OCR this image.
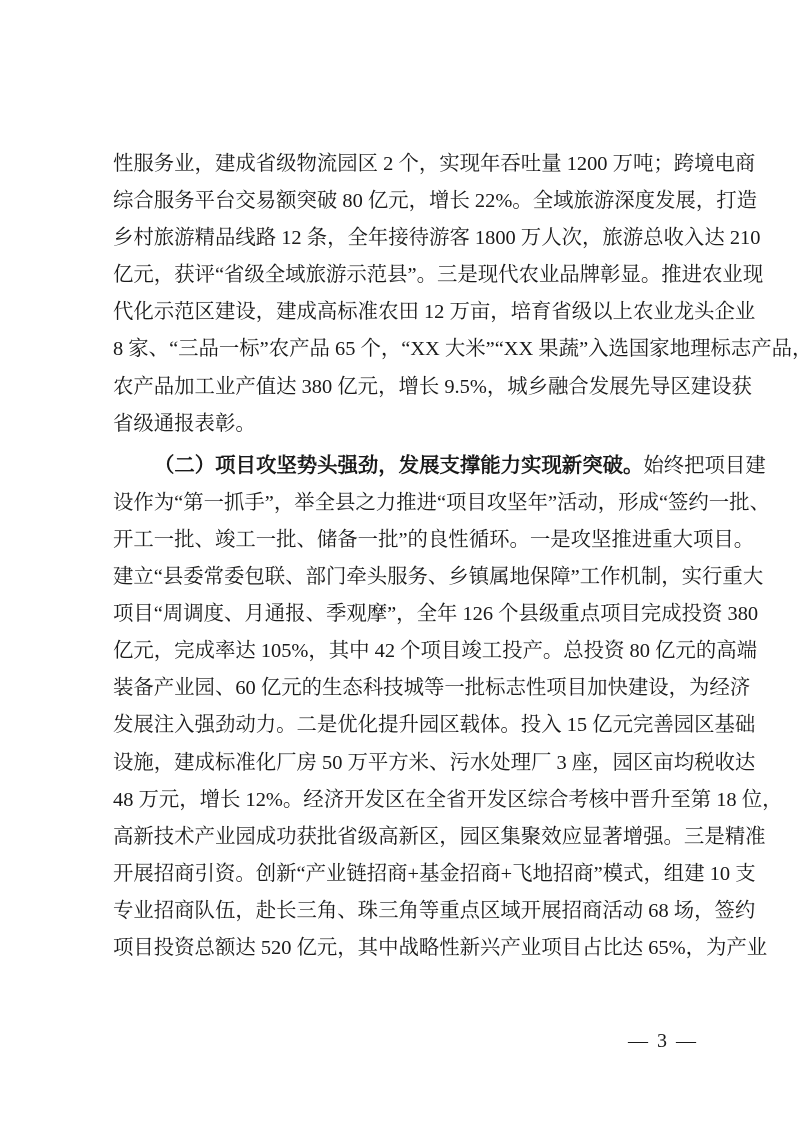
性服务业，建成省级物流园区 2 个，实现年吞吐量 1200 万吨；跨境电商
综合服务平台交易额突破 80 亿元，增长 22%。全域旅游深度发展，打造
乡村旅游精品线路 12 条，全年接待游客 1800 万人次，旅游总收入达 210
亿元，获评“省级全域旅游示范县”。三是现代农业品牌彰显。推进农业现
代化示范区建设，建成高标准农田 12 万亩，培育省级以上农业龙头企业
8 家、“三品一标”农产品 65 个，“XX 大米”“XX 果蔬”入选国家地理标志产品，
农产品加工业产值达 380 亿元，增长 9.5%，城乡融合发展先导区建设获
省级通报表彰。
（二）项目攻坚势头强劲，发展支撑能力实现新突破。始终把项目建
设作为“第一抓手”，举全县之力推进“项目攻坚年”活动，形成“签约一批、
开工一批、竣工一批、储备一批”的良性循环。一是攻坚推进重大项目。
建立“县委常委包联、部门牵头服务、乡镇属地保障”工作机制，实行重大
项目“周调度、月通报、季观摩”，全年 126 个县级重点项目完成投资 380
亿元，完成率达 105%，其中 42 个项目竣工投产。总投资 80 亿元的高端
装备产业园、60 亿元的生态科技城等一批标志性项目加快建设，为经济
发展注入强劲动力。二是优化提升园区载体。投入 15 亿元完善园区基础
设施，建成标准化厂房 50 万平方米、污水处理厂 3 座，园区亩均税收达
48 万元，增长 12%。经济开发区在全省开发区综合考核中晋升至第 18 位，
高新技术产业园成功获批省级高新区，园区集聚效应显著增强。三是精准
开展招商引资。创新“产业链招商+基金招商+飞地招商”模式，组建 10 支
专业招商队伍，赴长三角、珠三角等重点区域开展招商活动 68 场，签约
项目投资总额达 520 亿元，其中战略性新兴产业项目占比达 65%，为产业
— 3 —
